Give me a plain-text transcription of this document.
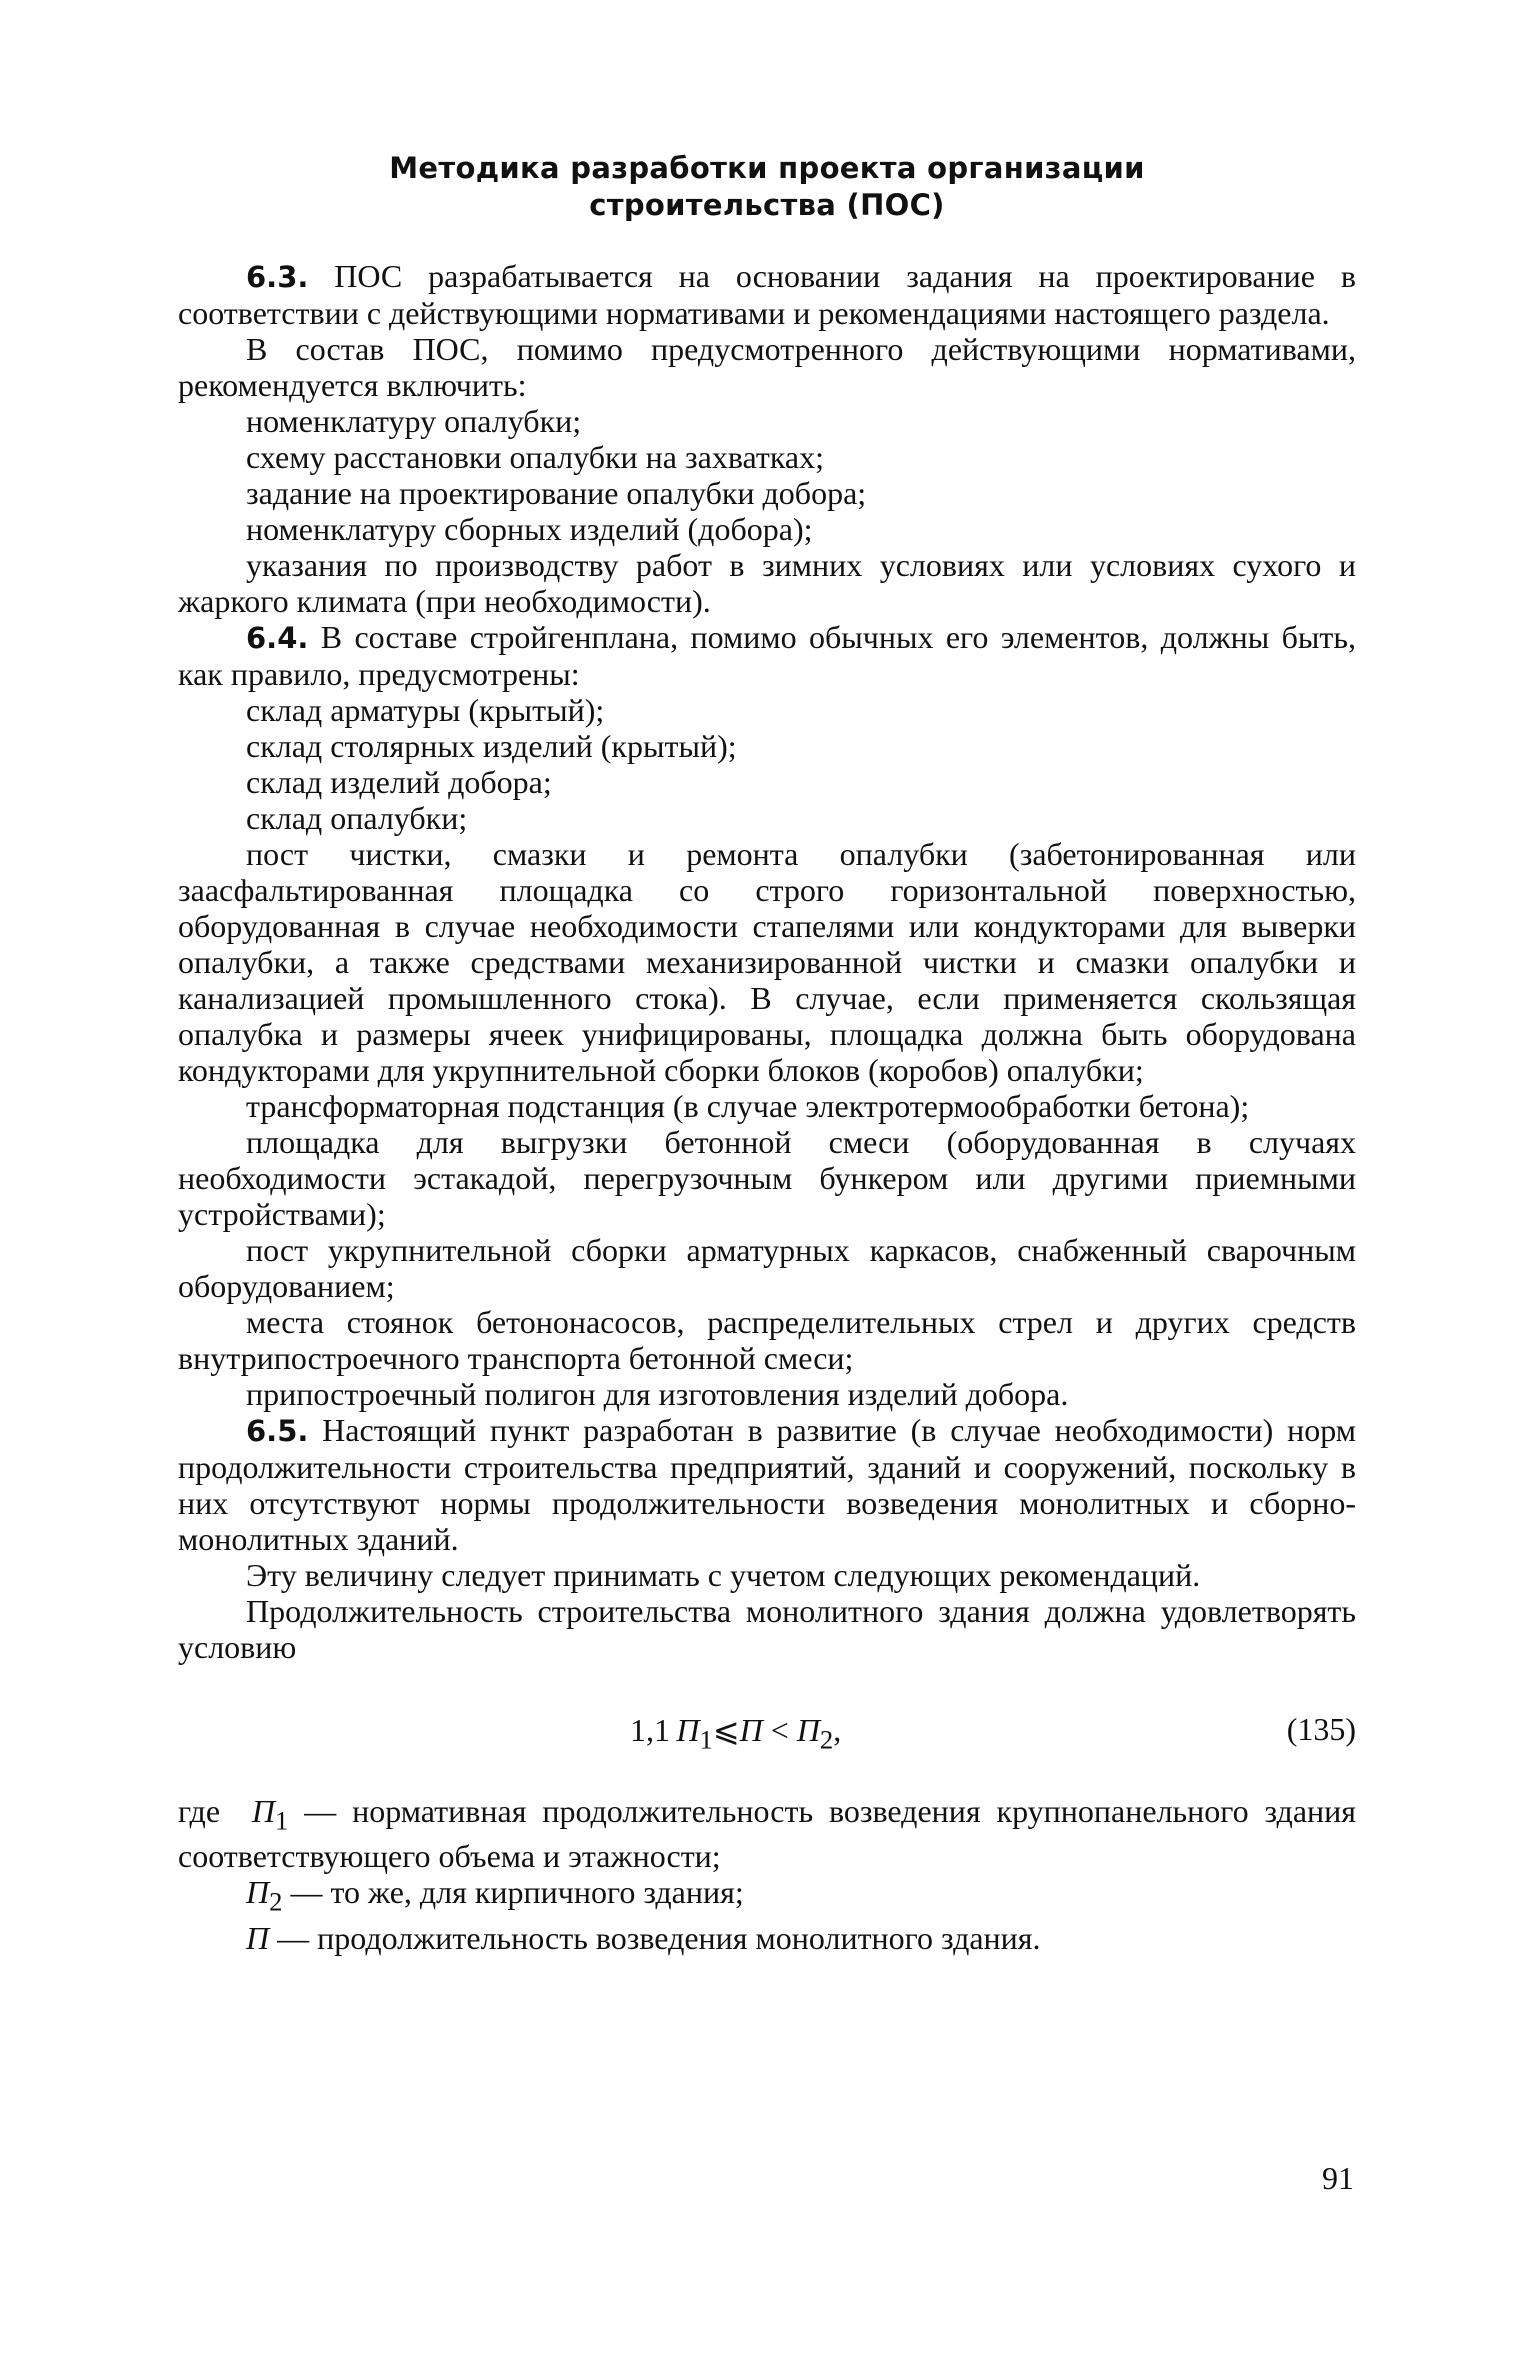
Методика разработки проекта организации
строительства (ПОС)

6.3. ПОС разрабатывается на основании задания на проектирование в соответствии с действующими нормативами и рекомендациями настоящего раздела.

В состав ПОС, помимо предусмотренного действующими нормативами, рекомендуется включить:

номенклатуру опалубки;

схему расстановки опалубки на захватках;

задание на проектирование опалубки добора;

номенклатуру сборных изделий (добора);

указания по производству работ в зимних условиях или условиях сухого и жаркого климата (при необходимости).

6.4. В составе стройгенплана, помимо обычных его элементов, должны быть, как правило, предусмотрены:

склад арматуры (крытый);

склад столярных изделий (крытый);

склад изделий добора;

склад опалубки;

пост чистки, смазки и ремонта опалубки (забетонированная или заасфальтированная площадка со строго горизонтальной поверхностью, оборудованная в случае необходимости стапелями или кондукторами для выверки опалубки, а также средствами механизированной чистки и смазки опалубки и канализацией промышленного стока). В случае, если применяется скользящая опалубка и размеры ячеек унифицированы, площадка должна быть оборудована кондукторами для укрупнительной сборки блоков (коробов) опалубки;

трансформаторная подстанция (в случае электротермообработки бетона);

площадка для выгрузки бетонной смеси (оборудованная в случаях необходимости эстакадой, перегрузочным бункером или другими приемными устройствами);

пост укрупнительной сборки арматурных каркасов, снабженный сварочным оборудованием;

места стоянок бетононасосов, распределительных стрел и других средств внутрипостроечного транспорта бетонной смеси;

припостроечный полигон для изготовления изделий добора.

6.5. Настоящий пункт разработан в развитие (в случае необходимости) норм продолжительности строительства предприятий, зданий и сооружений, поскольку в них отсутствуют нормы продолжительности возведения монолитных и сборно-монолитных зданий.

Эту величину следует принимать с учетом следующих рекомендаций.

Продолжительность строительства монолитного здания должна удовлетворять условию

1,1  $П_1⩽П < П_2$,	(135)

где $П_1$ — нормативная продолжительность возведения крупнопанельного здания соответствующего объема и этажности;

$П_2$ — то же, для кирпичного здания;

П — продолжительность возведения монолитного здания.

91
